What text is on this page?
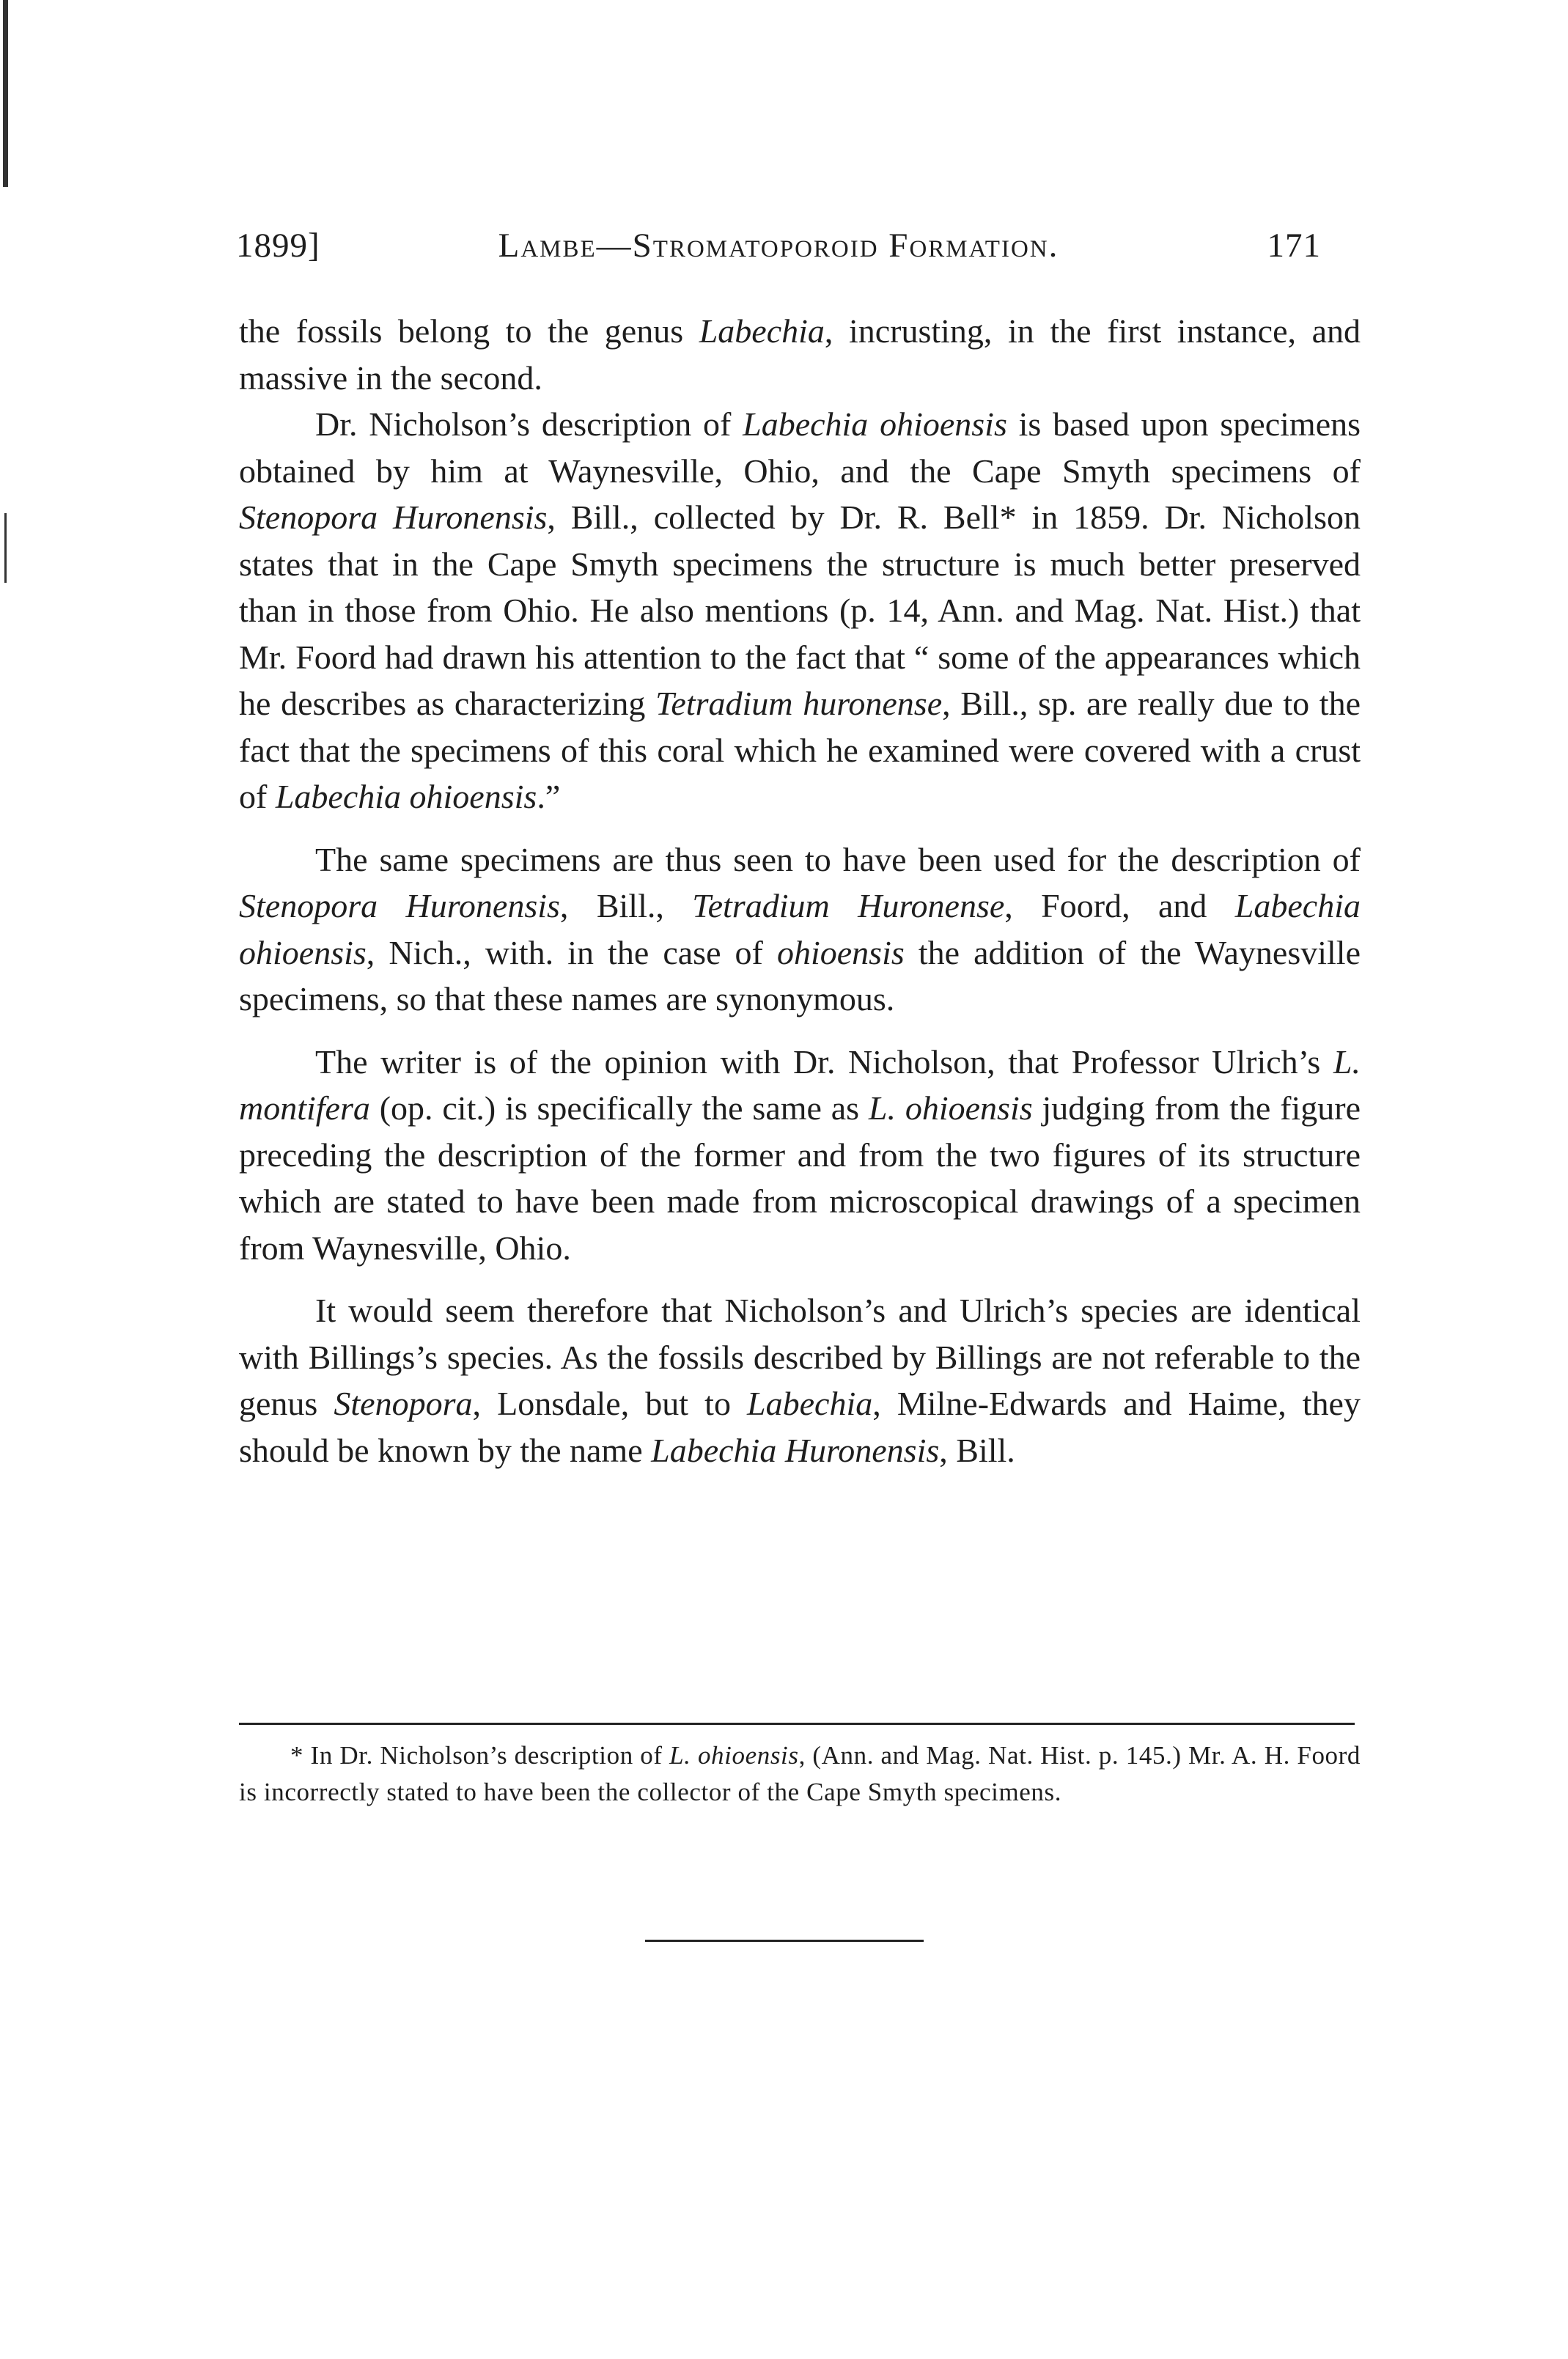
1899]	Lambe—Stromatoporoid Formation.	171

the fossils belong to the genus Labechia, incrusting, in the first instance, and massive in the second.

Dr. Nicholson’s description of Labechia ohioensis is based upon specimens obtained by him at Waynesville, Ohio, and the Cape Smyth specimens of Stenopora Huronensis, Bill., collected by Dr. R. Bell* in 1859. Dr. Nicholson states that in the Cape Smyth specimens the structure is much better preserved than in those from Ohio. He also mentions (p. 14, Ann. and Mag. Nat. Hist.) that Mr. Foord had drawn his attention to the fact that “ some of the appearances which he describes as characterizing Tetradium huronense, Bill., sp. are really due to the fact that the specimens of this coral which he examined were covered with a crust of Labechia ohioensis.”

The same specimens are thus seen to have been used for the description of Stenopora Huronensis, Bill., Tetradium Huronense, Foord, and Labechia ohioensis, Nich., with. in the case of ohioensis the addition of the Waynesville specimens, so that these names are synonymous.

The writer is of the opinion with Dr. Nicholson, that Professor Ulrich’s L. montifera (op. cit.) is specifically the same as L. ohioensis judging from the figure preceding the description of the former and from the two figures of its structure which are stated to have been made from microscopical drawings of a specimen from Waynesville, Ohio.

It would seem therefore that Nicholson’s and Ulrich’s species are identical with Billings’s species. As the fossils described by Billings are not referable to the genus Stenopora, Lonsdale, but to Labechia, Milne-Edwards and Haime, they should be known by the name Labechia Huronensis, Bill.

* In Dr. Nicholson’s description of L. ohioensis, (Ann. and Mag. Nat. Hist. p. 145.) Mr. A. H. Foord is incorrectly stated to have been the collector of the Cape Smyth specimens.
